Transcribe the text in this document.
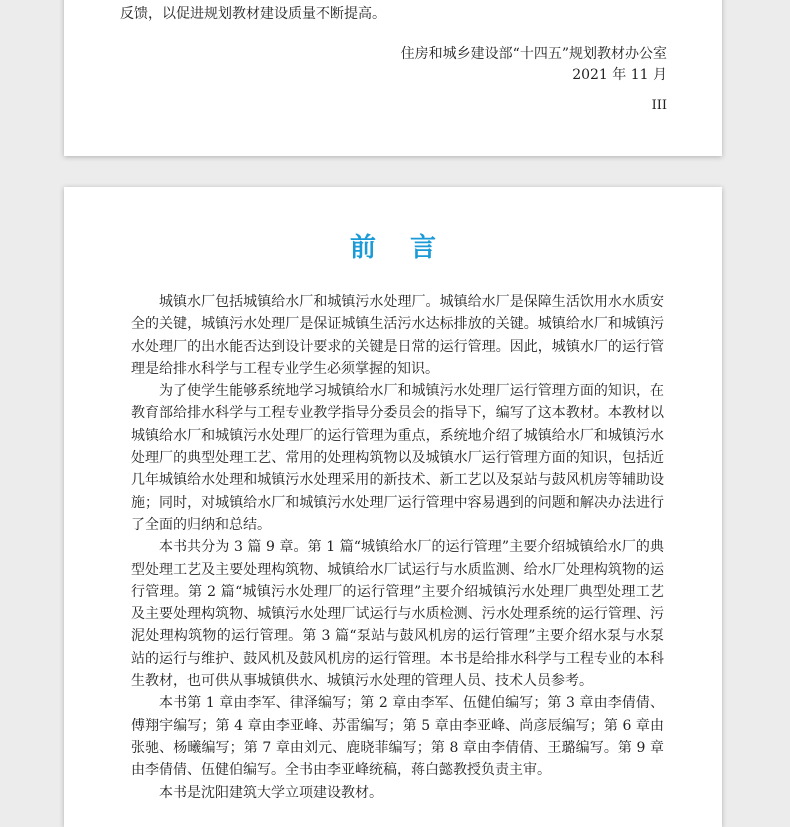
反馈，以促进规划教材建设质量不断提高。
住房和城乡建设部“十四五”规划教材办公室
2021 年 11 月
III
前言

城镇水厂包括城镇给水厂和城镇污水处理厂。城镇给水厂是保障生活饮用水水质安全的关键，城镇污水处理厂是保证城镇生活污水达标排放的关键。城镇给水厂和城镇污水处理厂的出水能否达到设计要求的关键是日常的运行管理。因此，城镇水厂的运行管理是给排水科学与工程专业学生必须掌握的知识。

为了使学生能够系统地学习城镇给水厂和城镇污水处理厂运行管理方面的知识，在教育部给排水科学与工程专业教学指导分委员会的指导下，编写了这本教材。本教材以城镇给水厂和城镇污水处理厂的运行管理为重点，系统地介绍了城镇给水厂和城镇污水处理厂的典型处理工艺、常用的处理构筑物以及城镇水厂运行管理方面的知识，包括近几年城镇给水处理和城镇污水处理采用的新技术、新工艺以及泵站与鼓风机房等辅助设施；同时，对城镇给水厂和城镇污水处理厂运行管理中容易遇到的问题和解决办法进行了全面的归纳和总结。

本书共分为 3 篇 9 章。第 1 篇“城镇给水厂的运行管理”主要介绍城镇给水厂的典型处理工艺及主要处理构筑物、城镇给水厂试运行与水质监测、给水厂处理构筑物的运行管理。第 2 篇“城镇污水处理厂的运行管理”主要介绍城镇污水处理厂典型处理工艺及主要处理构筑物、城镇污水处理厂试运行与水质检测、污水处理系统的运行管理、污泥处理构筑物的运行管理。第 3 篇“泵站与鼓风机房的运行管理”主要介绍水泵与水泵站的运行与维护、鼓风机及鼓风机房的运行管理。本书是给排水科学与工程专业的本科生教材，也可供从事城镇供水、城镇污水处理的管理人员、技术人员参考。

本书第 1 章由李军、律泽编写；第 2 章由李军、伍健伯编写；第 3 章由李倩倩、傅翔宇编写；第 4 章由李亚峰、苏雷编写；第 5 章由李亚峰、尚彦辰编写；第 6 章由张驰、杨曦编写；第 7 章由刘元、鹿晓菲编写；第 8 章由李倩倩、王璐编写。第 9 章由李倩倩、伍健伯编写。全书由李亚峰统稿，蒋白懿教授负责主审。

本书是沈阳建筑大学立项建设教材。
